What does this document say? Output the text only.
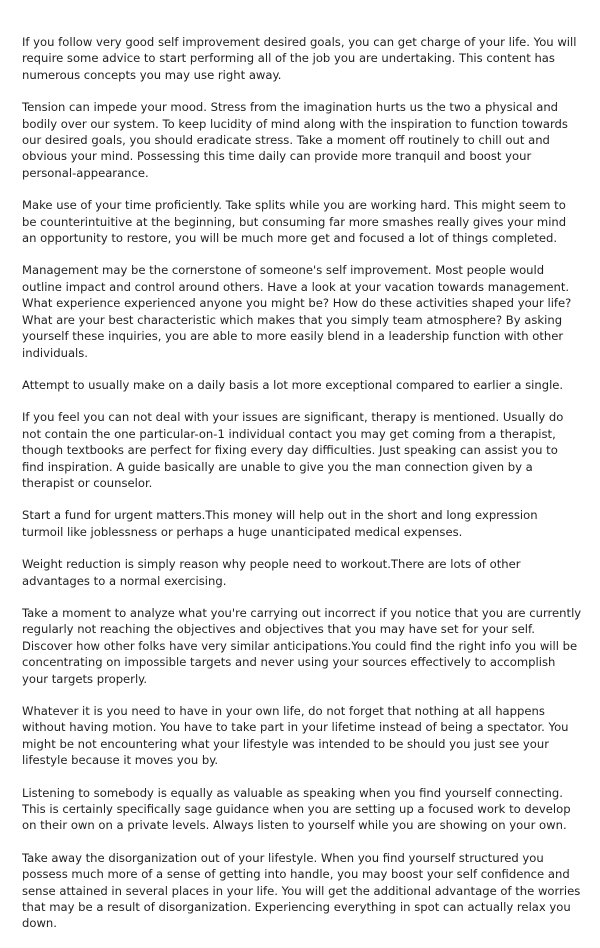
If you follow very good self improvement desired goals, you can get charge of your life. You will require some advice to start performing all of the job you are undertaking. This content has numerous concepts you may use right away.

Tension can impede your mood. Stress from the imagination hurts us the two a physical and bodily over our system. To keep lucidity of mind along with the inspiration to function towards our desired goals, you should eradicate stress. Take a moment off routinely to chill out and obvious your mind. Possessing this time daily can provide more tranquil and boost your personal-appearance.

Make use of your time proficiently. Take splits while you are working hard. This might seem to be counterintuitive at the beginning, but consuming far more smashes really gives your mind an opportunity to restore, you will be much more get and focused a lot of things completed.

Management may be the cornerstone of someone's self improvement. Most people would outline impact and control around others. Have a look at your vacation towards management. What experience experienced anyone you might be? How do these activities shaped your life? What are your best characteristic which makes that you simply team atmosphere? By asking yourself these inquiries, you are able to more easily blend in a leadership function with other individuals.

Attempt to usually make on a daily basis a lot more exceptional compared to earlier a single.

If you feel you can not deal with your issues are significant, therapy is mentioned. Usually do not contain the one particular-on-1 individual contact you may get coming from a therapist, though textbooks are perfect for fixing every day difficulties. Just speaking can assist you to find inspiration. A guide basically are unable to give you the man connection given by a therapist or counselor.

Start a fund for urgent matters.This money will help out in the short and long expression turmoil like joblessness or perhaps a huge unanticipated medical expenses.

Weight reduction is simply reason why people need to workout.There are lots of other advantages to a normal exercising.

Take a moment to analyze what you're carrying out incorrect if you notice that you are currently regularly not reaching the objectives and objectives that you may have set for your self. Discover how other folks have very similar anticipations.You could find the right info you will be concentrating on impossible targets and never using your sources effectively to accomplish your targets properly.

Whatever it is you need to have in your own life, do not forget that nothing at all happens without having motion. You have to take part in your lifetime instead of being a spectator. You might be not encountering what your lifestyle was intended to be should you just see your lifestyle because it moves you by.

Listening to somebody is equally as valuable as speaking when you find yourself connecting. This is certainly specifically sage guidance when you are setting up a focused work to develop on their own on a private levels. Always listen to yourself while you are showing on your own.

Take away the disorganization out of your lifestyle. When you find yourself structured you possess much more of a sense of getting into handle, you may boost your self confidence and sense attained in several places in your life. You will get the additional advantage of the worries that may be a result of disorganization. Experiencing everything in spot can actually relax you down.
